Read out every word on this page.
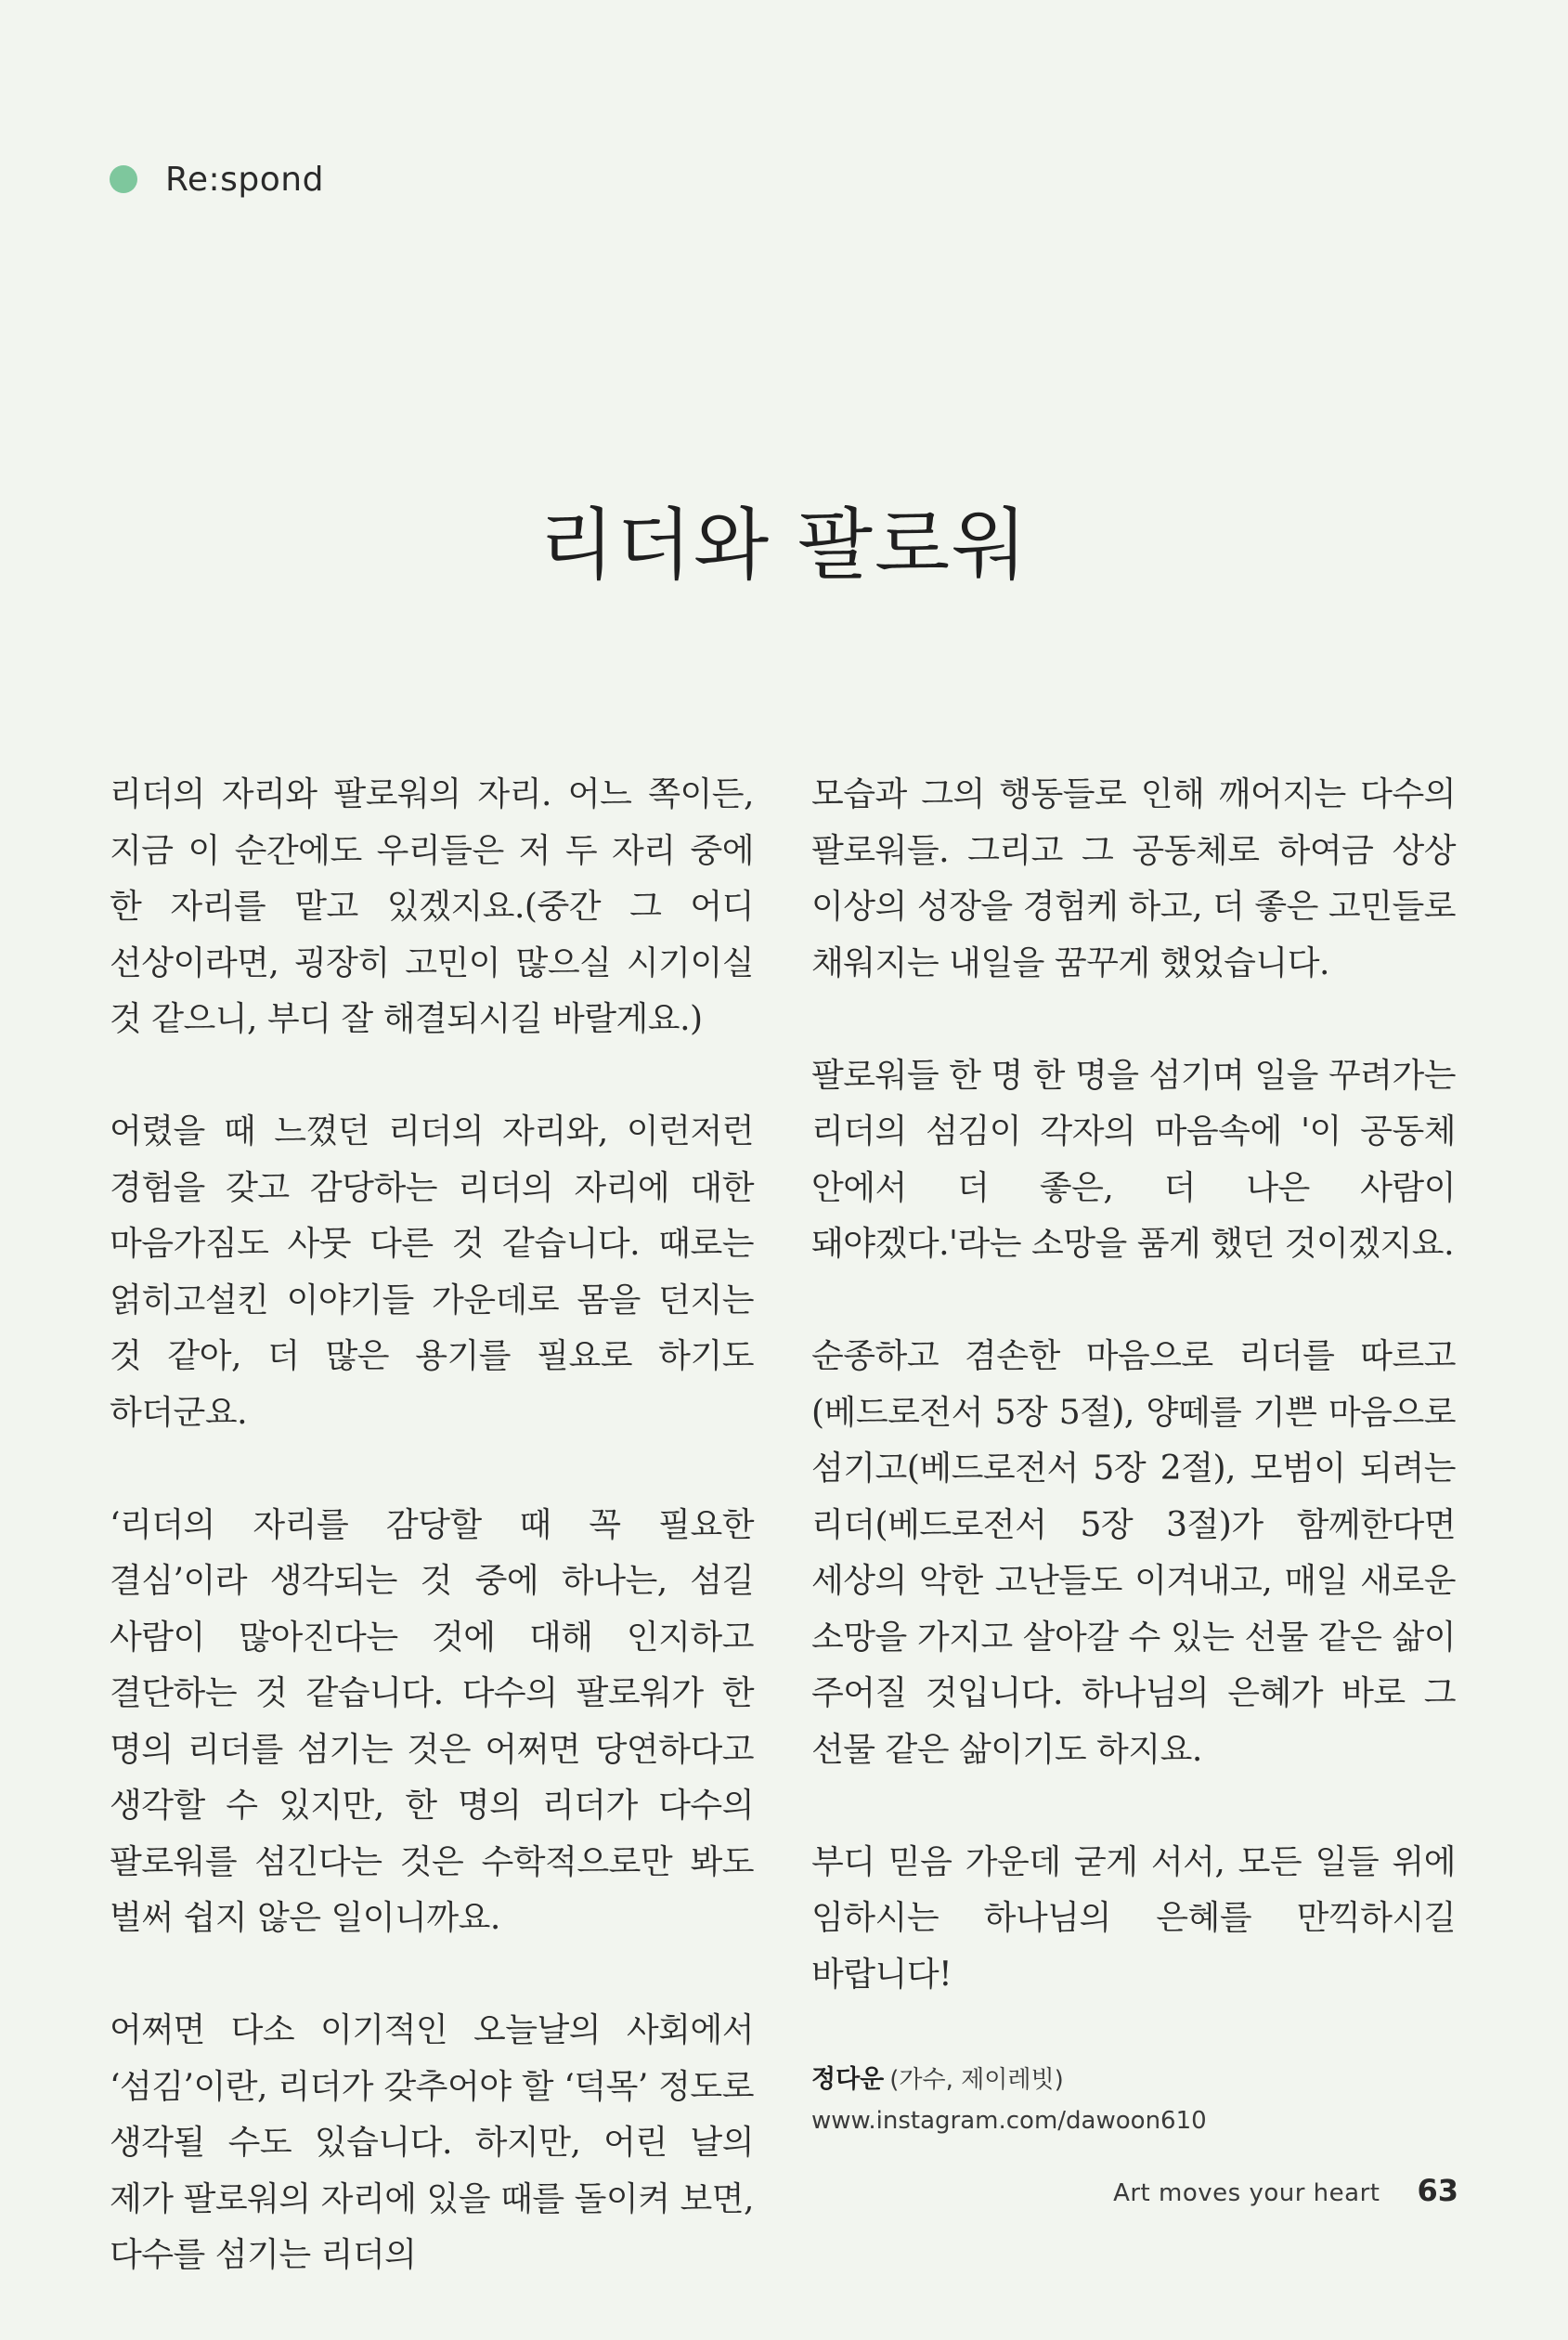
Re:spond
리더와 팔로워

리더의 자리와 팔로워의 자리. 어느 쪽이든, 지금 이 순간에도 우리들은 저 두 자리 중에 한 자리를 맡고 있겠지요.(중간 그 어디 선상이라면, 굉장히 고민이 많으실 시기이실 것 같으니, 부디 잘 해결되시길 바랄게요.)

어렸을 때 느꼈던 리더의 자리와, 이런저런 경험을 갖고 감당하는 리더의 자리에 대한 마음가짐도 사뭇 다른 것 같습니다. 때로는 얽히고설킨 이야기들 가운데로 몸을 던지는 것 같아, 더 많은 용기를 필요로 하기도 하더군요.

‘리더의 자리를 감당할 때 꼭 필요한 결심’이라 생각되는 것 중에 하나는, 섬길 사람이 많아진다는 것에 대해 인지하고 결단하는 것 같습니다. 다수의 팔로워가 한 명의 리더를 섬기는 것은 어쩌면 당연하다고 생각할 수 있지만, 한 명의 리더가 다수의 팔로워를 섬긴다는 것은 수학적으로만 봐도 벌써 쉽지 않은 일이니까요.

어쩌면 다소 이기적인 오늘날의 사회에서 ‘섬김’이란, 리더가 갖추어야 할 ‘덕목’ 정도로 생각될 수도 있습니다. 하지만, 어린 날의 제가 팔로워의 자리에 있을 때를 돌이켜 보면, 다수를 섬기는 리더의

모습과 그의 행동들로 인해 깨어지는 다수의 팔로워들. 그리고 그 공동체로 하여금 상상 이상의 성장을 경험케 하고, 더 좋은 고민들로 채워지는 내일을 꿈꾸게 했었습니다.

팔로워들 한 명 한 명을 섬기며 일을 꾸려가는 리더의 섬김이 각자의 마음속에 '이 공동체 안에서 더 좋은, 더 나은 사람이 돼야겠다.'라는 소망을 품게 했던 것이겠지요.

순종하고 겸손한 마음으로 리더를 따르고(베드로전서 5장 5절), 양떼를 기쁜 마음으로 섬기고(베드로전서 5장 2절), 모범이 되려는 리더(베드로전서 5장 3절)가 함께한다면 세상의 악한 고난들도 이겨내고, 매일 새로운 소망을 가지고 살아갈 수 있는 선물 같은 삶이 주어질 것입니다. 하나님의 은혜가 바로 그 선물 같은 삶이기도 하지요.

부디 믿음 가운데 굳게 서서, 모든 일들 위에 임하시는 하나님의 은혜를 만끽하시길 바랍니다!

정다운 (가수, 제이레빗)
www.instagram.com/dawoon610
Art moves your heart 63
